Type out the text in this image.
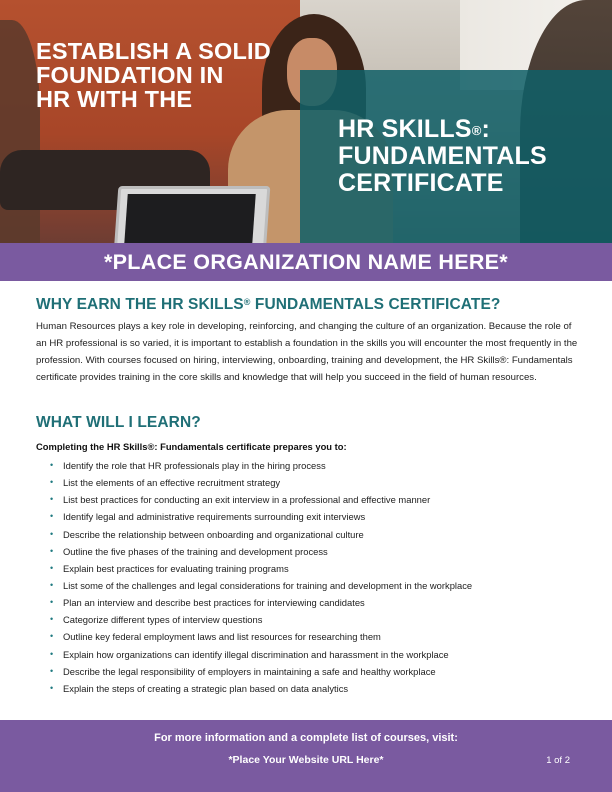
ESTABLISH A SOLID
FOUNDATION IN
HR WITH THE
HR SKILLS®:
FUNDAMENTALS
CERTIFICATE
*PLACE ORGANIZATION NAME HERE*
WHY EARN THE HR SKILLS® FUNDAMENTALS CERTIFICATE?

Human Resources plays a key role in developing, reinforcing, and changing the culture of an organization. Because the role of an HR professional is so varied, it is important to establish a foundation in the skills you will encounter the most frequently in the profession. With courses focused on hiring, interviewing, onboarding, training and development, the HR Skills®: Fundamentals certificate provides training in the core skills and knowledge that will help you succeed in the field of human resources.

WHAT WILL I LEARN?

Completing the HR Skills®: Fundamentals certificate prepares you to:

• Identify the role that HR professionals play in the hiring process
• List the elements of an effective recruitment strategy
• List best practices for conducting an exit interview in a professional and effective manner
• Identify legal and administrative requirements surrounding exit interviews
• Describe the relationship between onboarding and organizational culture
• Outline the five phases of the training and development process
• Explain best practices for evaluating training programs
• List some of the challenges and legal considerations for training and development in the workplace
• Plan an interview and describe best practices for interviewing candidates
• Categorize different types of interview questions
• Outline key federal employment laws and list resources for researching them
• Explain how organizations can identify illegal discrimination and harassment in the workplace
• Describe the legal responsibility of employers in maintaining a safe and healthy workplace
• Explain the steps of creating a strategic plan based on data analytics
For more information and a complete list of courses, visit:
*Place Your Website URL Here*	1 of 2
